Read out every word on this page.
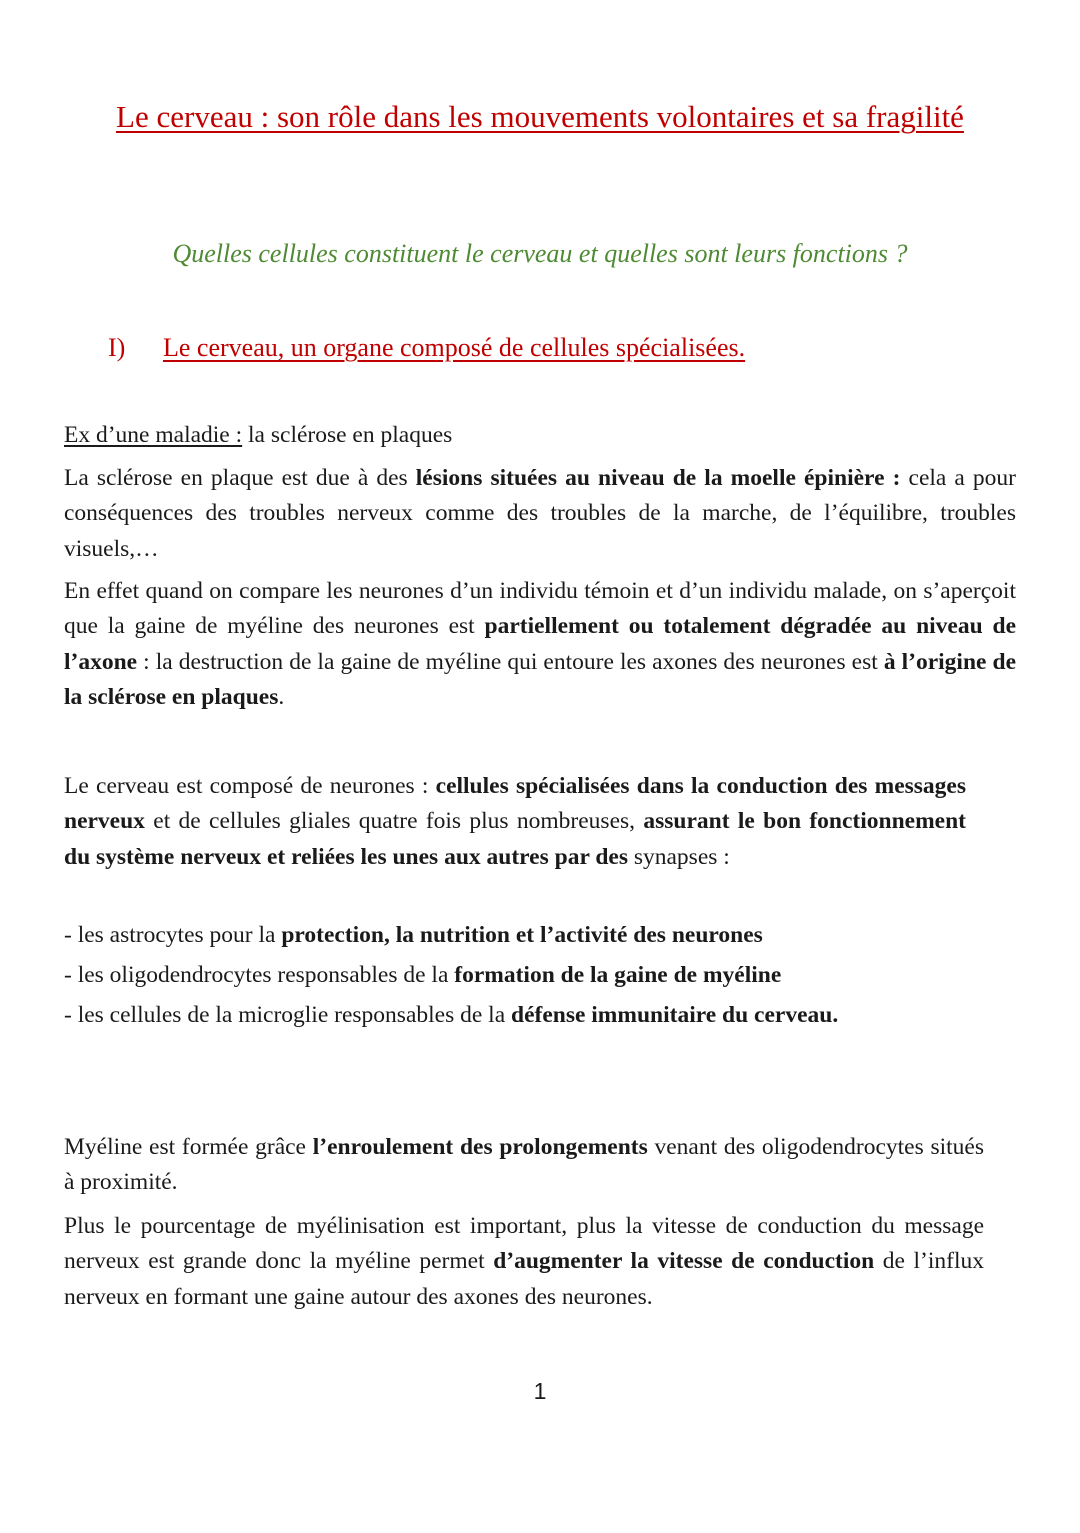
Le cerveau : son rôle dans les mouvements volontaires et sa fragilité
Quelles cellules constituent le cerveau et quelles sont leurs fonctions ?
I) Le cerveau, un organe composé de cellules spécialisées.

Ex d’une maladie : la sclérose en plaques

La sclérose en plaque est due à des lésions situées au niveau de la moelle épinière : cela a pour conséquences des troubles nerveux comme des troubles de la marche, de l’équilibre, troubles visuels,…

En effet quand on compare les neurones d’un individu témoin et d’un individu malade, on s’aperçoit que la gaine de myéline des neurones est partiellement ou totalement dégradée au niveau de l’axone : la destruction de la gaine de myéline qui entoure les axones des neurones est à l’origine de la sclérose en plaques.

Le cerveau est composé de neurones : cellules spécialisées dans la conduction des messages nerveux et de cellules gliales quatre fois plus nombreuses, assurant le bon fonctionnement du système nerveux et reliées les unes aux autres par des synapses :

- les astrocytes pour la protection, la nutrition et l’activité des neurones
- les oligodendrocytes responsables de la formation de la gaine de myéline
- les cellules de la microglie responsables de la défense immunitaire du cerveau.

Myéline est formée grâce l’enroulement des prolongements venant des oligodendrocytes situés à proximité.

Plus le pourcentage de myélinisation est important, plus la vitesse de conduction du message nerveux est grande donc la myéline permet d’augmenter la vitesse de conduction de l’influx nerveux en formant une gaine autour des axones des neurones.

1
